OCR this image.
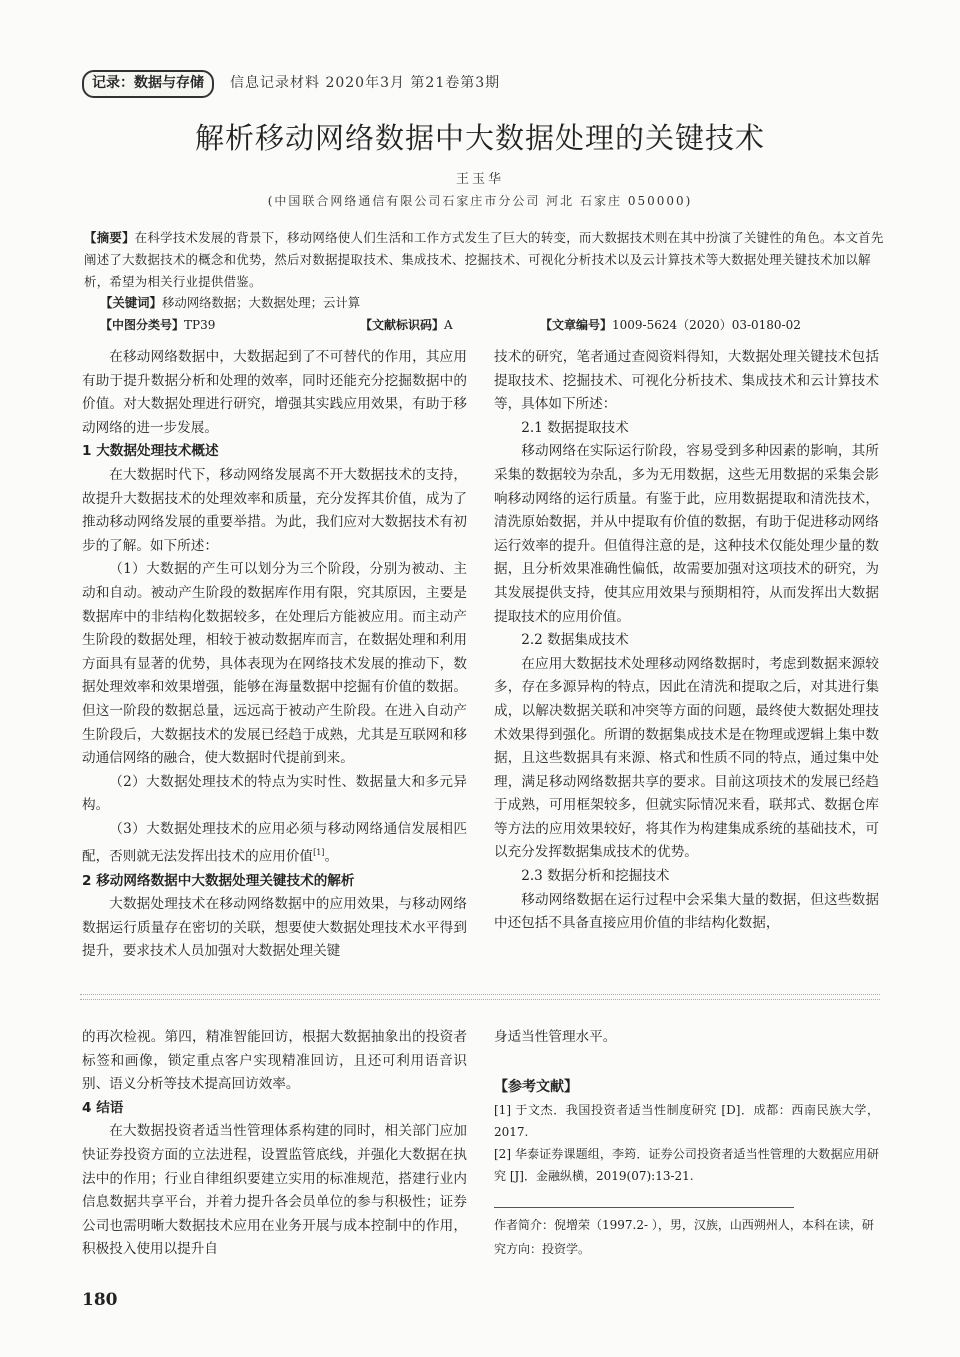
记录：数据与存储	信息记录材料 2020年3月 第21卷第3期
解析移动网络数据中大数据处理的关键技术
王玉华
(中国联合网络通信有限公司石家庄市分公司 河北 石家庄 050000)
【摘要】在科学技术发展的背景下，移动网络使人们生活和工作方式发生了巨大的转变，而大数据技术则在其中扮演了关键性的角色。本文首先阐述了大数据技术的概念和优势，然后对数据提取技术、集成技术、挖掘技术、可视化分析技术以及云计算技术等大数据处理关键技术加以解析，希望为相关行业提供借鉴。
【关键词】移动网络数据；大数据处理；云计算
【中图分类号】TP39	【文献标识码】A	【文章编号】1009-5624（2020）03-0180-02

在移动网络数据中，大数据起到了不可替代的作用，其应用有助于提升数据分析和处理的效率，同时还能充分挖掘数据中的价值。对大数据处理进行研究，增强其实践应用效果，有助于移动网络的进一步发展。

1 大数据处理技术概述

在大数据时代下，移动网络发展离不开大数据技术的支持，故提升大数据技术的处理效率和质量，充分发挥其价值，成为了推动移动网络发展的重要举措。为此，我们应对大数据技术有初步的了解。如下所述：

（1）大数据的产生可以划分为三个阶段，分别为被动、主动和自动。被动产生阶段的数据库作用有限，究其原因，主要是数据库中的非结构化数据较多，在处理后方能被应用。而主动产生阶段的数据处理，相较于被动数据库而言，在数据处理和利用方面具有显著的优势，具体表现为在网络技术发展的推动下，数据处理效率和效果增强，能够在海量数据中挖掘有价值的数据。但这一阶段的数据总量，远远高于被动产生阶段。在进入自动产生阶段后，大数据技术的发展已经趋于成熟，尤其是互联网和移动通信网络的融合，使大数据时代提前到来。

（2）大数据处理技术的特点为实时性、数据量大和多元异构。

（3）大数据处理技术的应用必须与移动网络通信发展相匹配，否则就无法发挥出技术的应用价值[1]。

2 移动网络数据中大数据处理关键技术的解析

大数据处理技术在移动网络数据中的应用效果，与移动网络数据运行质量存在密切的关联，想要使大数据处理技术水平得到提升，要求技术人员加强对大数据处理关键

技术的研究，笔者通过查阅资料得知，大数据处理关键技术包括提取技术、挖掘技术、可视化分析技术、集成技术和云计算技术等，具体如下所述：

2.1 数据提取技术

移动网络在实际运行阶段，容易受到多种因素的影响，其所采集的数据较为杂乱，多为无用数据，这些无用数据的采集会影响移动网络的运行质量。有鉴于此，应用数据提取和清洗技术，清洗原始数据，并从中提取有价值的数据，有助于促进移动网络运行效率的提升。但值得注意的是，这种技术仅能处理少量的数据，且分析效果准确性偏低，故需要加强对这项技术的研究，为其发展提供支持，使其应用效果与预期相符，从而发挥出大数据提取技术的应用价值。

2.2 数据集成技术

在应用大数据技术处理移动网络数据时，考虑到数据来源较多，存在多源异构的特点，因此在清洗和提取之后，对其进行集成，以解决数据关联和冲突等方面的问题，最终使大数据处理技术效果得到强化。所谓的数据集成技术是在物理或逻辑上集中数据，且这些数据具有来源、格式和性质不同的特点，通过集中处理，满足移动网络数据共享的要求。目前这项技术的发展已经趋于成熟，可用框架较多，但就实际情况来看，联邦式、数据仓库等方法的应用效果较好，将其作为构建集成系统的基础技术，可以充分发挥数据集成技术的优势。

2.3 数据分析和挖掘技术

移动网络数据在运行过程中会采集大量的数据，但这些数据中还包括不具备直接应用价值的非结构化数据，

的再次检视。第四，精准智能回访，根据大数据抽象出的投资者标签和画像，锁定重点客户实现精准回访，且还可利用语音识别、语义分析等技术提高回访效率。

4 结语

在大数据投资者适当性管理体系构建的同时，相关部门应加快证券投资方面的立法进程，设置监管底线，并强化大数据在执法中的作用；行业自律组织要建立实用的标准规范，搭建行业内信息数据共享平台，并着力提升各会员单位的参与积极性；证券公司也需明晰大数据技术应用在业务开展与成本控制中的作用，积极投入使用以提升自

身适当性管理水平。

【参考文献】
[1] 于文杰．我国投资者适当性制度研究 [D]．成都：西南民族大学，2017.
[2] 华泰证券课题组，李筠．证券公司投资者适当性管理的大数据应用研究 [J]．金融纵横，2019(07):13-21.
作者简介：倪增荣（1997.2- ），男，汉族，山西朔州人，本科在读，研究方向：投资学。
180
